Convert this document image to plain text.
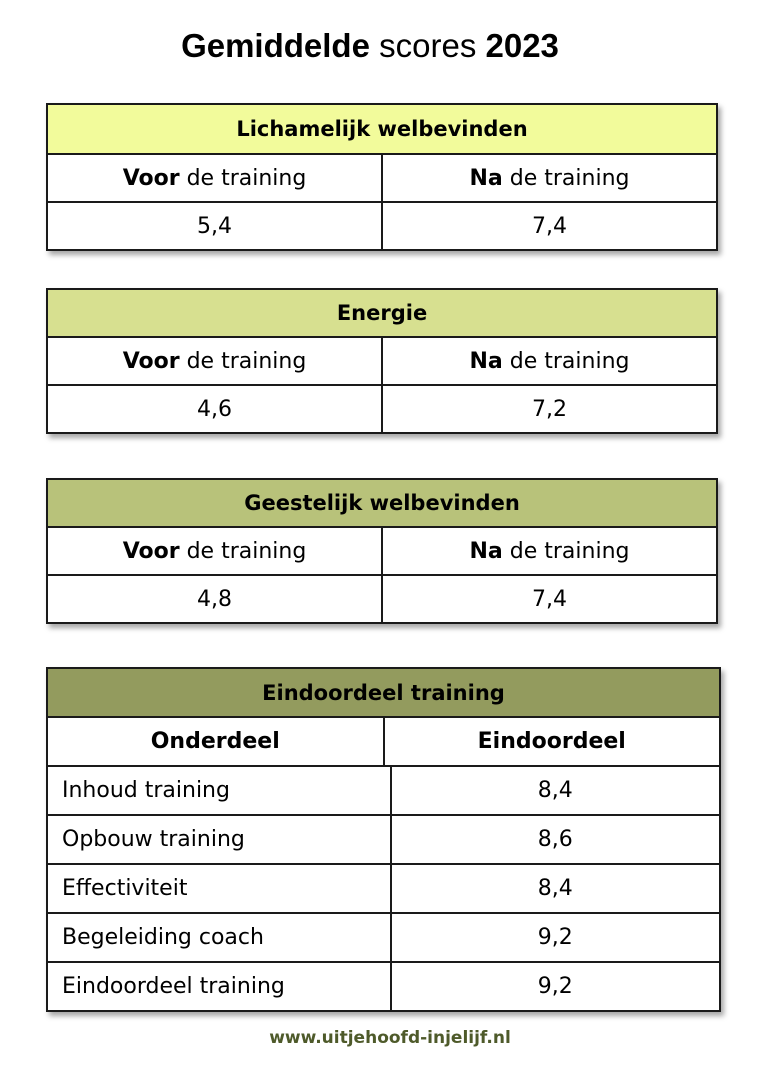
Gemiddelde scores 2023
Lichamelijk welbevinden
Voor de training	Na de training
5,4	7,4
Energie
Voor de training	Na de training
4,6	7,2
Geestelijk welbevinden
Voor de training	Na de training
4,8	7,4
Eindoordeel training
Onderdeel	Eindoordeel
Inhoud training	8,4
Opbouw training	8,6
Effectiviteit	8,4
Begeleiding coach	9,2
Eindoordeel training	9,2
www.uitjehoofd-injelijf.nl
